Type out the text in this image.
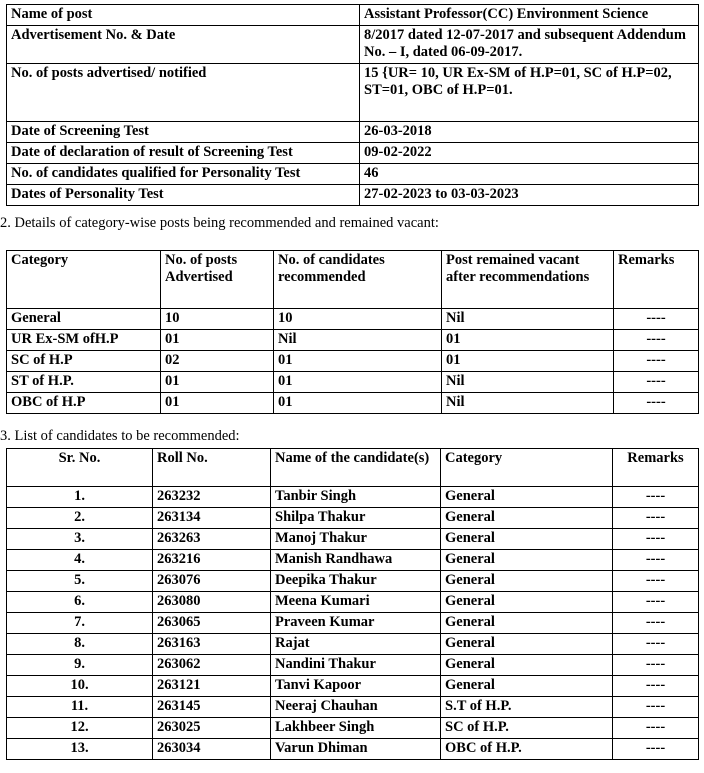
Name of post	Assistant Professor(CC) Environment Science
Advertisement No. & Date	8/2017 dated 12-07-2017 and subsequent Addendum No. – I, dated 06-09-2017.
No. of posts advertised/ notified	15 {UR= 10, UR Ex-SM of H.P=01, SC of H.P=02, ST=01, OBC of H.P=01.
Date of Screening Test	26-03-2018
Date of declaration of result of Screening Test	09-02-2022
No. of candidates qualified for Personality Test	46
Dates of Personality Test	27-02-2023 to 03-03-2023
2. Details of category-wise posts being recommended and remained vacant:
Category	No. of posts Advertised	No. of candidates recommended	Post remained vacant after recommendations	Remarks
General	10	10	Nil	----
UR Ex-SM ofH.P	01	Nil	01	----
SC of H.P	02	01	01	----
ST of H.P.	01	01	Nil	----
OBC of H.P	01	01	Nil	----
3. List of candidates to be recommended:
Sr. No.	Roll No.	Name of the candidate(s)	Category	Remarks
1.	263232	Tanbir Singh	General	----
2.	263134	Shilpa Thakur	General	----
3.	263263	Manoj Thakur	General	----
4.	263216	Manish Randhawa	General	----
5.	263076	Deepika Thakur	General	----
6.	263080	Meena Kumari	General	----
7.	263065	Praveen Kumar	General	----
8.	263163	Rajat	General	----
9.	263062	Nandini Thakur	General	----
10.	263121	Tanvi Kapoor	General	----
11.	263145	Neeraj Chauhan	S.T of H.P.	----
12.	263025	Lakhbeer Singh	SC of H.P.	----
13.	263034	Varun Dhiman	OBC of H.P.	----
